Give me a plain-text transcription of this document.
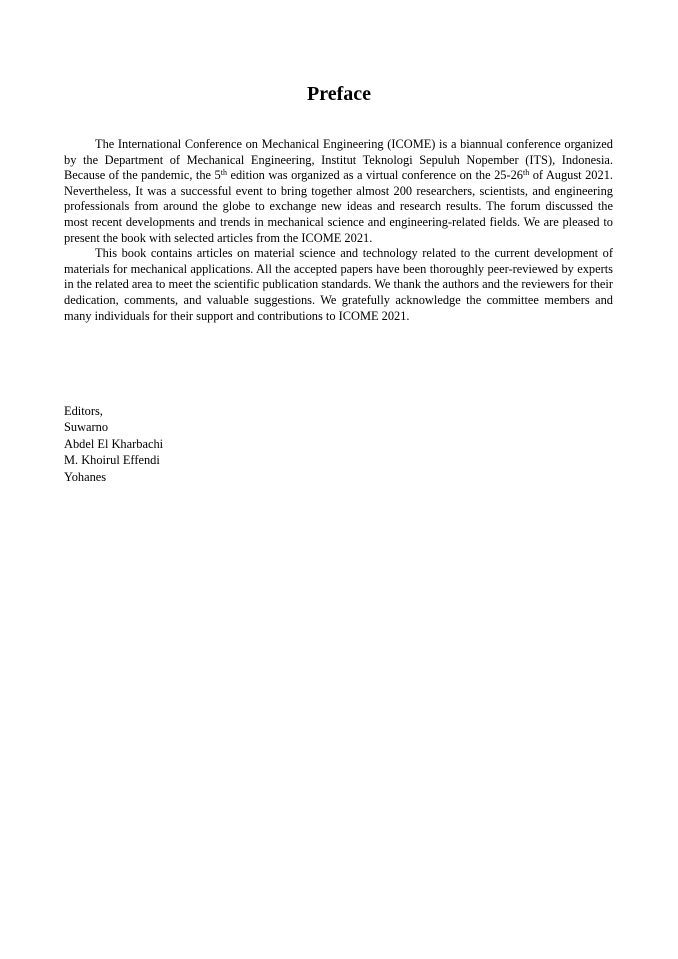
Preface

The International Conference on Mechanical Engineering (ICOME) is a biannual conference organized by the Department of Mechanical Engineering, Institut Teknologi Sepuluh Nopember (ITS), Indonesia. Because of the pandemic, the 5th edition was organized as a virtual conference on the 25-26th of August 2021. Nevertheless, It was a successful event to bring together almost 200 researchers, scientists, and engineering professionals from around the globe to exchange new ideas and research results. The forum discussed the most recent developments and trends in mechanical science and engineering-related fields. We are pleased to present the book with selected articles from the ICOME 2021.

This book contains articles on material science and technology related to the current development of materials for mechanical applications. All the accepted papers have been thoroughly peer-reviewed by experts in the related area to meet the scientific publication standards. We thank the authors and the reviewers for their dedication, comments, and valuable suggestions. We gratefully acknowledge the committee members and many individuals for their support and contributions to ICOME 2021.

Editors,
Suwarno
Abdel El Kharbachi
M. Khoirul Effendi
Yohanes
